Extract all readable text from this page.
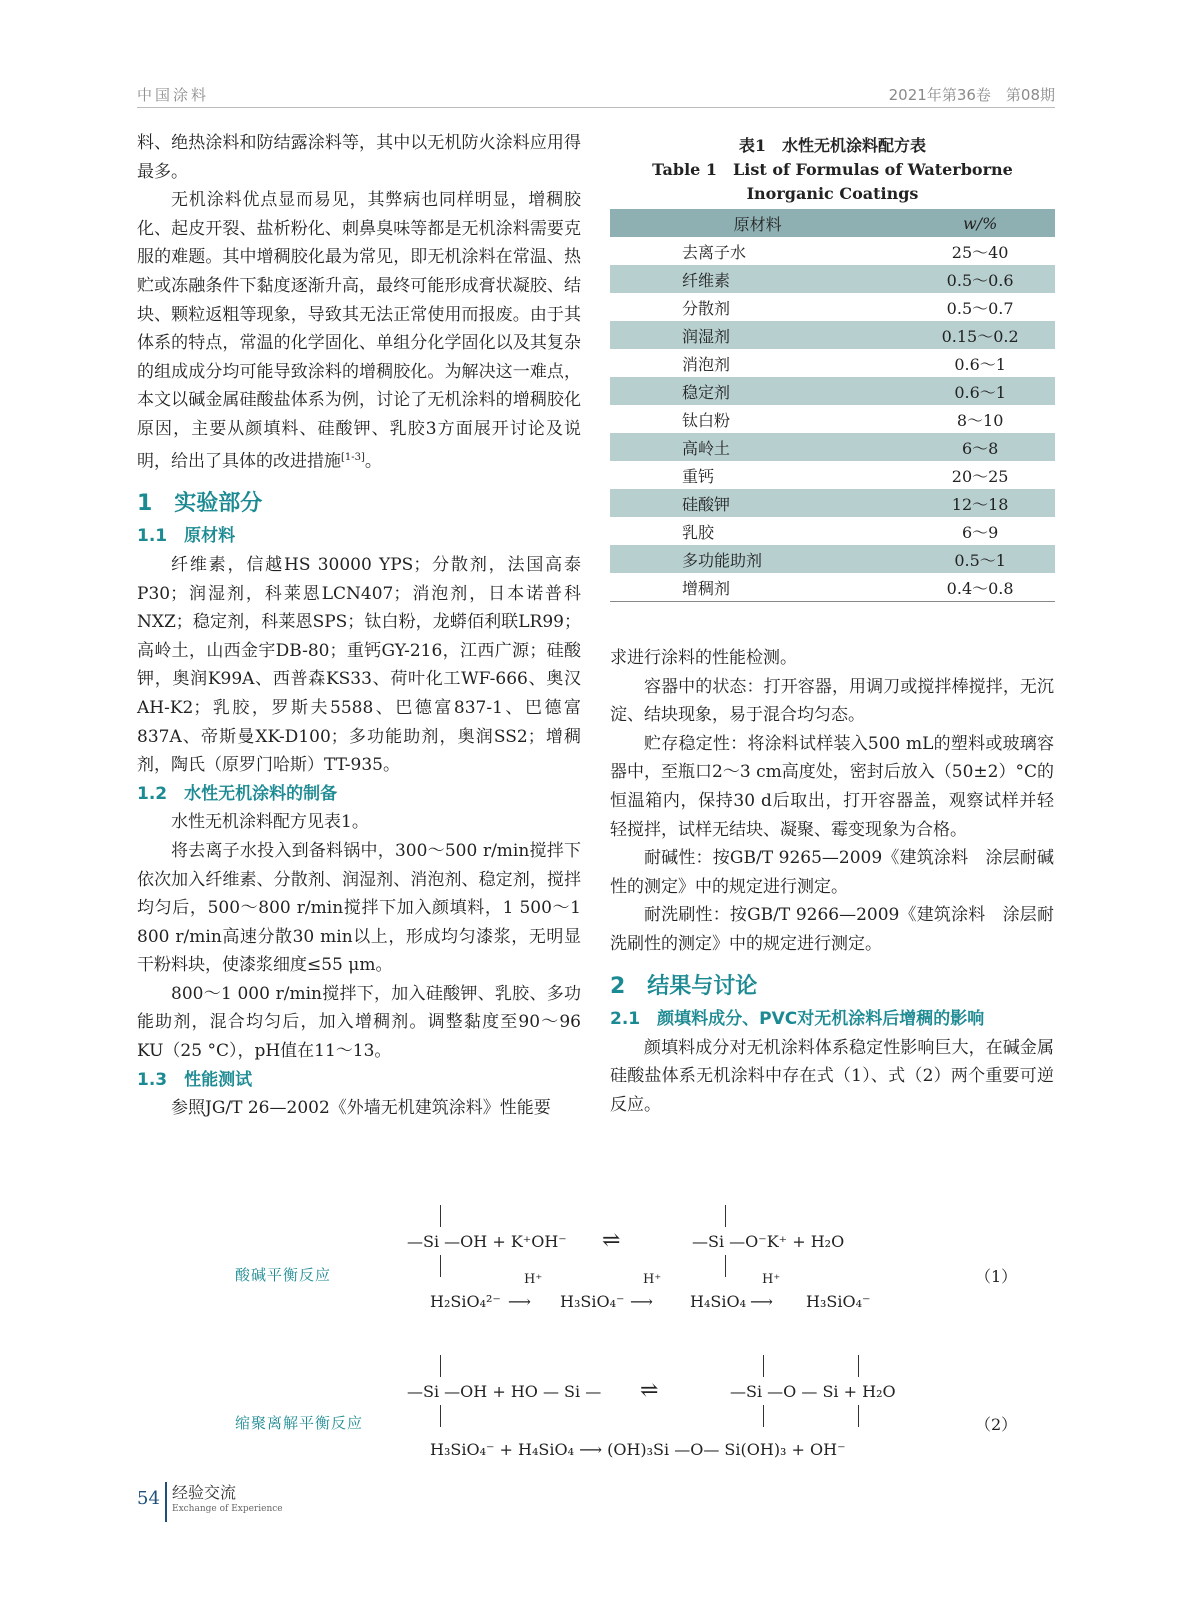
中国涂料	2021年第36卷　第08期

料、绝热涂料和防结露涂料等，其中以无机防火涂料应用得最多。

无机涂料优点显而易见，其弊病也同样明显，增稠胶化、起皮开裂、盐析粉化、刺鼻臭味等都是无机涂料需要克服的难题。其中增稠胶化最为常见，即无机涂料在常温、热贮或冻融条件下黏度逐渐升高，最终可能形成膏状凝胶、结块、颗粒返粗等现象，导致其无法正常使用而报废。由于其体系的特点，常温的化学固化、单组分化学固化以及其复杂的组成成分均可能导致涂料的增稠胶化。为解决这一难点，本文以碱金属硅酸盐体系为例，讨论了无机涂料的增稠胶化原因，主要从颜填料、硅酸钾、乳胶3方面展开讨论及说明，给出了具体的改进措施[1-3]。

1　实验部分
1.1　原材料

纤维素，信越HS 30000 YPS；分散剂，法国高泰P30；润湿剂，科莱恩LCN407；消泡剂，日本诺普科NXZ；稳定剂，科莱恩SPS；钛白粉，龙蟒佰利联LR99；高岭土，山西金宇DB-80；重钙GY-216，江西广源；硅酸钾，奥润K99A、西普森KS33、荷叶化工WF-666、奥汉AH-K2；乳胶，罗斯夫5588、巴德富837-1、巴德富837A、帝斯曼XK-D100；多功能助剂，奥润SS2；增稠剂，陶氏（原罗门哈斯）TT-935。

1.2　水性无机涂料的制备

水性无机涂料配方见表1。

将去离子水投入到备料锅中，300～500 r/min搅拌下依次加入纤维素、分散剂、润湿剂、消泡剂、稳定剂，搅拌均匀后，500～800 r/min搅拌下加入颜填料，1 500～1 800 r/min高速分散30 min以上，形成均匀漆浆，无明显干粉料块，使漆浆细度≤55 μm。

800～1 000 r/min搅拌下，加入硅酸钾、乳胶、多功能助剂，混合均匀后，加入增稠剂。调整黏度至90～96 KU（25 °C），pH值在11～13。

1.3　性能测试

参照JG/T 26—2002《外墙无机建筑涂料》性能要

表1　水性无机涂料配方表
Table 1　List of Formulas of Waterborne Inorganic Coatings
原材料	w/%
去离子水	25～40
纤维素	0.5～0.6
分散剂	0.5～0.7
润湿剂	0.15～0.2
消泡剂	0.6～1
稳定剂	0.6～1
钛白粉	8～10
高岭土	6～8
重钙	20～25
硅酸钾	12～18
乳胶	6～9
多功能助剂	0.5～1
增稠剂	0.4～0.8

求进行涂料的性能检测。

容器中的状态：打开容器，用调刀或搅拌棒搅拌，无沉淀、结块现象，易于混合均匀态。

贮存稳定性：将涂料试样装入500 mL的塑料或玻璃容器中，至瓶口2～3 cm高度处，密封后放入（50±2）°C的恒温箱内，保持30 d后取出，打开容器盖，观察试样并轻轻搅拌，试样无结块、凝聚、霉变现象为合格。

耐碱性：按GB/T 9265—2009《建筑涂料　涂层耐碱性的测定》中的规定进行测定。

耐洗刷性：按GB/T 9266—2009《建筑涂料　涂层耐洗刷性的测定》中的规定进行测定。

2　结果与讨论
2.1　颜填料成分、PVC对无机涂料后增稠的影响

颜填料成分对无机涂料体系稳定性影响巨大，在碱金属硅酸盐体系无机涂料中存在式（1）、式（2）两个重要可逆反应。

酸碱平衡反应
—Si —OH + K⁺OH⁻ ⇌	—Si —O⁻K⁺ + H₂O
（1）
H₂SiO₄²⁻ ⟶
H⁺
H₃SiO₄⁻ ⟶
H⁺
H₄SiO₄ ⟶
H⁺
H₃SiO₄⁻
缩聚离解平衡反应
—Si —OH + HO — Si — ⇌	—Si —O — Si + H₂O
（2）
H₃SiO₄⁻ + H₄SiO₄ ⟶ (OH)₃Si —O— Si(OH)₃ + OH⁻
54 经验交流
Exchange of Experience
